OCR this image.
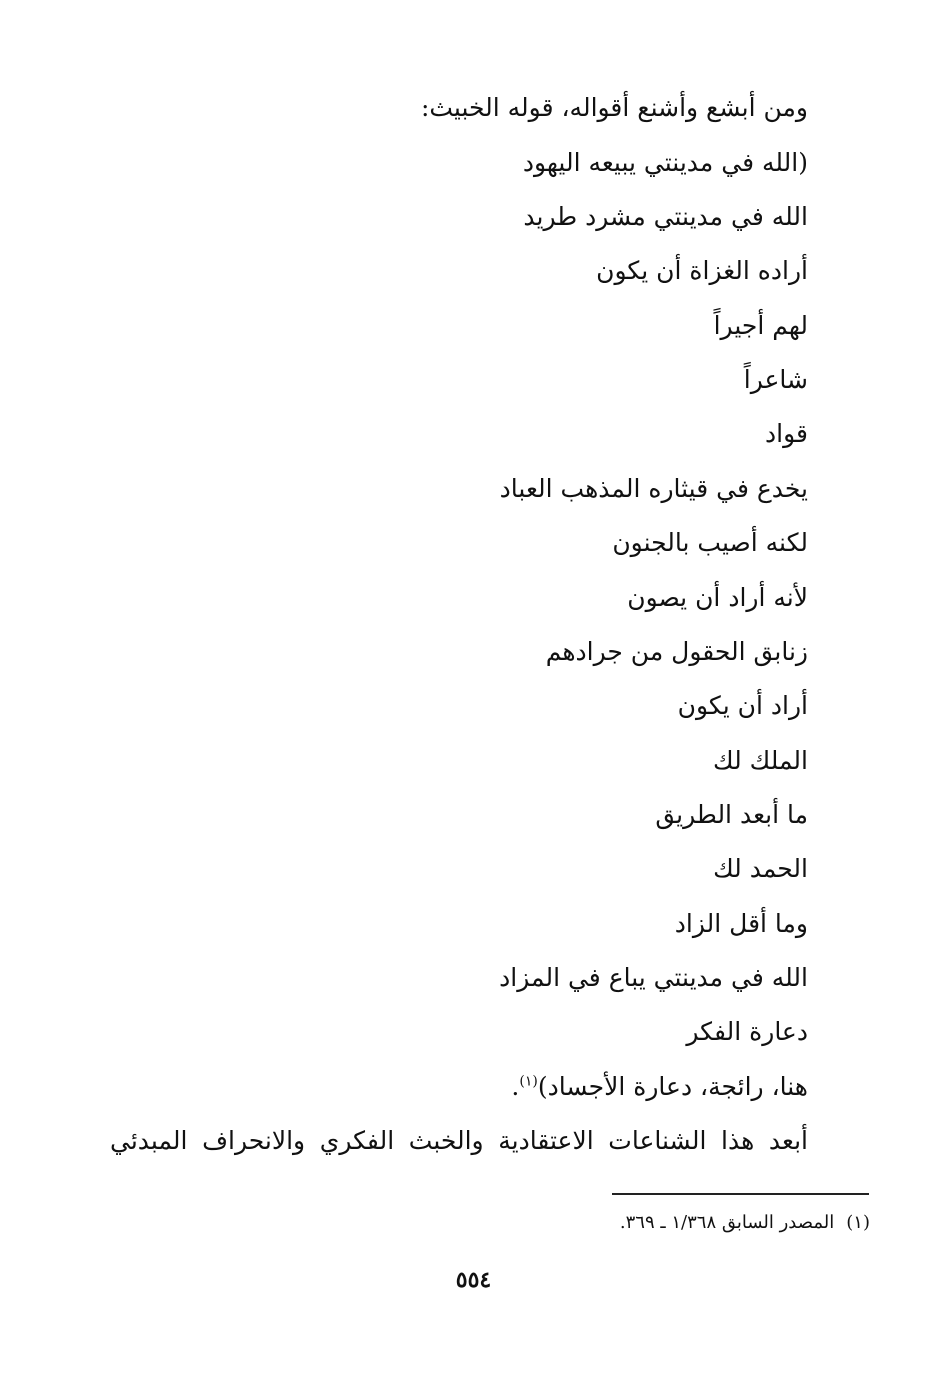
ومن أبشع وأشنع أقواله، قوله الخبيث:

(الله في مدينتي يبيعه اليهود

الله في مدينتي مشرد طريد

أراده الغزاة أن يكون

لهم أجيراً

شاعراً

قواد

يخدع في قيثاره المذهب العباد

لكنه أصيب بالجنون

لأنه أراد أن يصون

زنابق الحقول من جرادهم

أراد أن يكون

الملك لك

ما أبعد الطريق

الحمد لك

وما أقل الزاد

الله في مدينتي يباع في المزاد

دعارة الفكر

هنا، رائجة، دعارة الأجساد)$^{(١)}$.

أبعد هذا الشناعات الاعتقادية والخبث الفكري والانحراف المبدئي

(١)المصدر السابق ١/٣٦٨ ـ ٣٦٩.

٥٥٤
